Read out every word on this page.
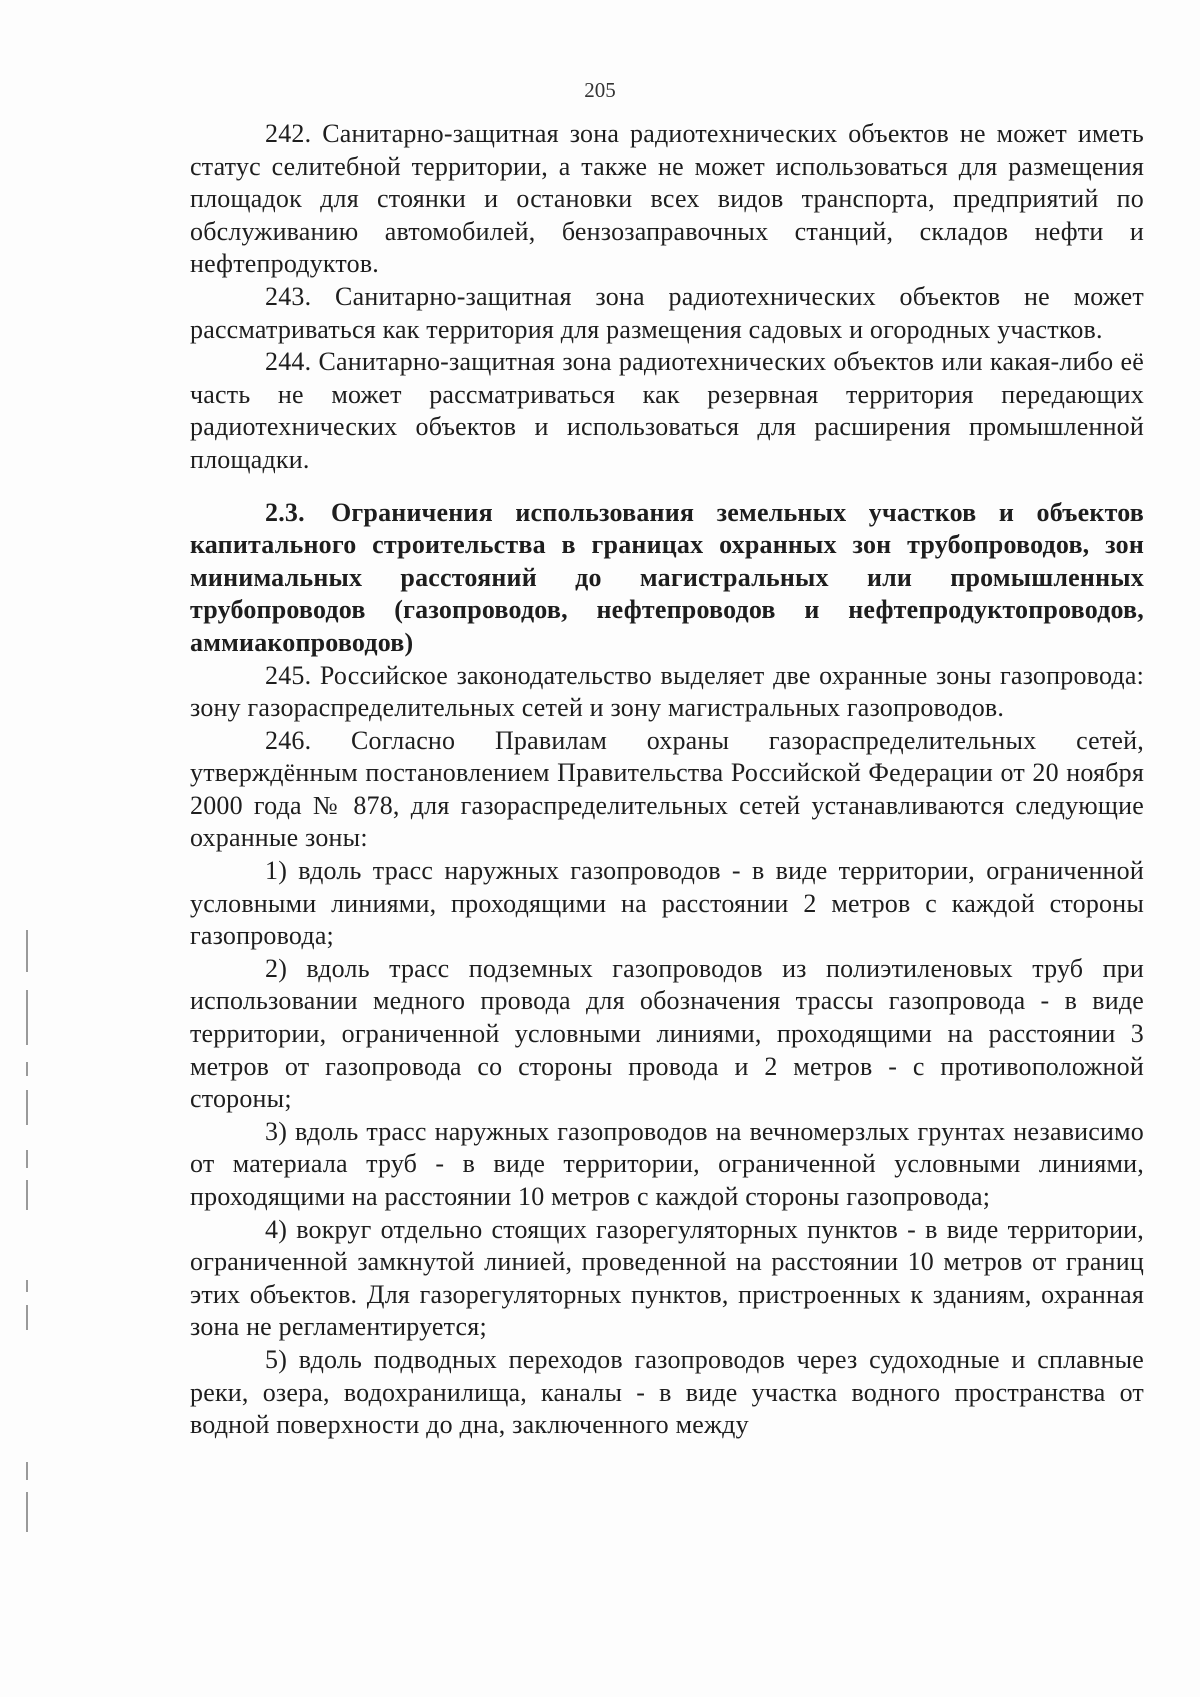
205

242. Санитарно-защитная зона радиотехнических объектов не может иметь статус селитебной территории, а также не может использоваться для размещения площадок для стоянки и остановки всех видов транспорта, предприятий по обслуживанию автомобилей, бензозаправочных станций, складов нефти и нефтепродуктов.

243. Санитарно-защитная зона радиотехнических объектов не может рассматриваться как территория для размещения садовых и огородных участков.

244. Санитарно-защитная зона радиотехнических объектов или какая-либо её часть не может рассматриваться как резервная территория передающих радиотехнических объектов и использоваться для расширения промышленной площадки.

2.3. Ограничения использования земельных участков и объектов капитального строительства в границах охранных зон трубопроводов, зон минимальных расстояний до магистральных или промышленных трубопроводов (газопроводов, нефтепроводов и нефтепродуктопроводов, аммиакопроводов)

245. Российское законодательство выделяет две охранные зоны газопровода: зону газораспределительных сетей и зону магистральных газопроводов.

246. Согласно Правилам охраны газораспределительных сетей, утверждённым постановлением Правительства Российской Федерации от 20 ноября 2000 года № 878, для газораспределительных сетей устанавливаются следующие охранные зоны:

1) вдоль трасс наружных газопроводов - в виде территории, ограниченной условными линиями, проходящими на расстоянии 2 метров с каждой стороны газопровода;

2) вдоль трасс подземных газопроводов из полиэтиленовых труб при использовании медного провода для обозначения трассы газопровода - в виде территории, ограниченной условными линиями, проходящими на расстоянии 3 метров от газопровода со стороны провода и 2 метров - с противоположной стороны;

3) вдоль трасс наружных газопроводов на вечномерзлых грунтах независимо от материала труб - в виде территории, ограниченной условными линиями, проходящими на расстоянии 10 метров с каждой стороны газопровода;

4) вокруг отдельно стоящих газорегуляторных пунктов - в виде территории, ограниченной замкнутой линией, проведенной на расстоянии 10 метров от границ этих объектов. Для газорегуляторных пунктов, пристроенных к зданиям, охранная зона не регламентируется;

5) вдоль подводных переходов газопроводов через судоходные и сплавные реки, озера, водохранилища, каналы - в виде участка водного пространства от водной поверхности до дна, заключенного между
